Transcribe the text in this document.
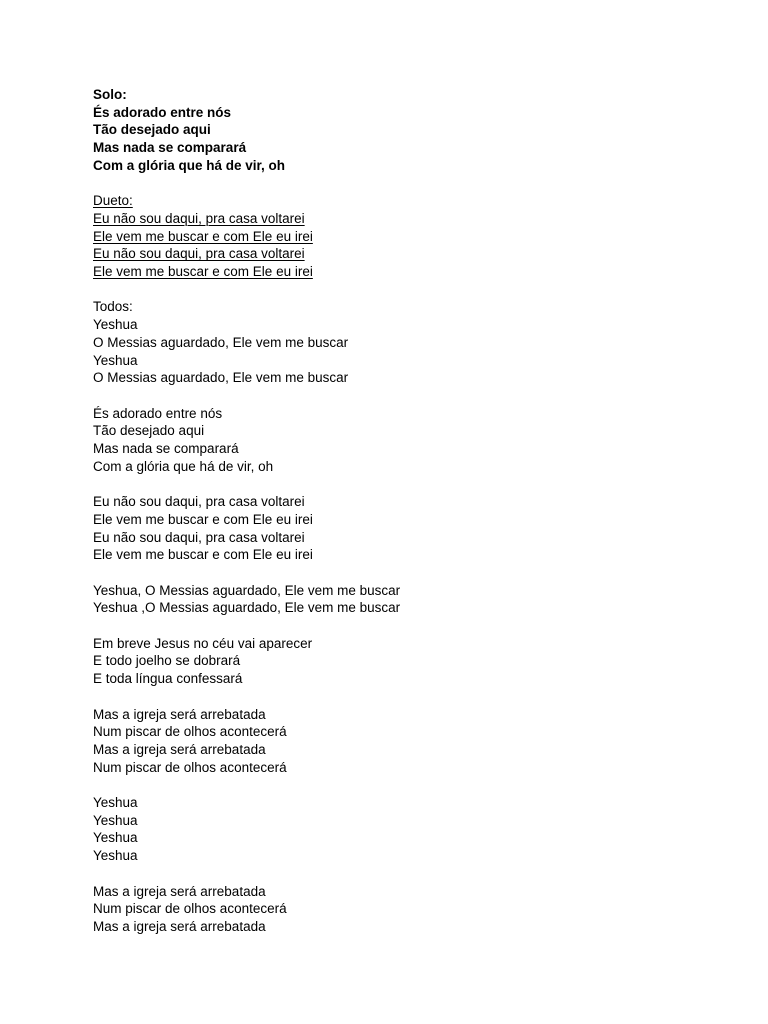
Solo:
És adorado entre nós
Tão desejado aqui
Mas nada se comparará
Com a glória que há de vir, oh
Dueto:
Eu não sou daqui, pra casa voltarei
Ele vem me buscar e com Ele eu irei
Eu não sou daqui, pra casa voltarei
Ele vem me buscar e com Ele eu irei
Todos:
Yeshua
O Messias aguardado, Ele vem me buscar
Yeshua
O Messias aguardado, Ele vem me buscar
És adorado entre nós
Tão desejado aqui
Mas nada se comparará
Com a glória que há de vir, oh
Eu não sou daqui, pra casa voltarei
Ele vem me buscar e com Ele eu irei
Eu não sou daqui, pra casa voltarei
Ele vem me buscar e com Ele eu irei
Yeshua, O Messias aguardado, Ele vem me buscar
Yeshua ,O Messias aguardado, Ele vem me buscar
Em breve Jesus no céu vai aparecer
E todo joelho se dobrará
E toda língua confessará
Mas a igreja será arrebatada
Num piscar de olhos acontecerá
Mas a igreja será arrebatada
Num piscar de olhos acontecerá
Yeshua
Yeshua
Yeshua
Yeshua
Mas a igreja será arrebatada
Num piscar de olhos acontecerá
Mas a igreja será arrebatada
